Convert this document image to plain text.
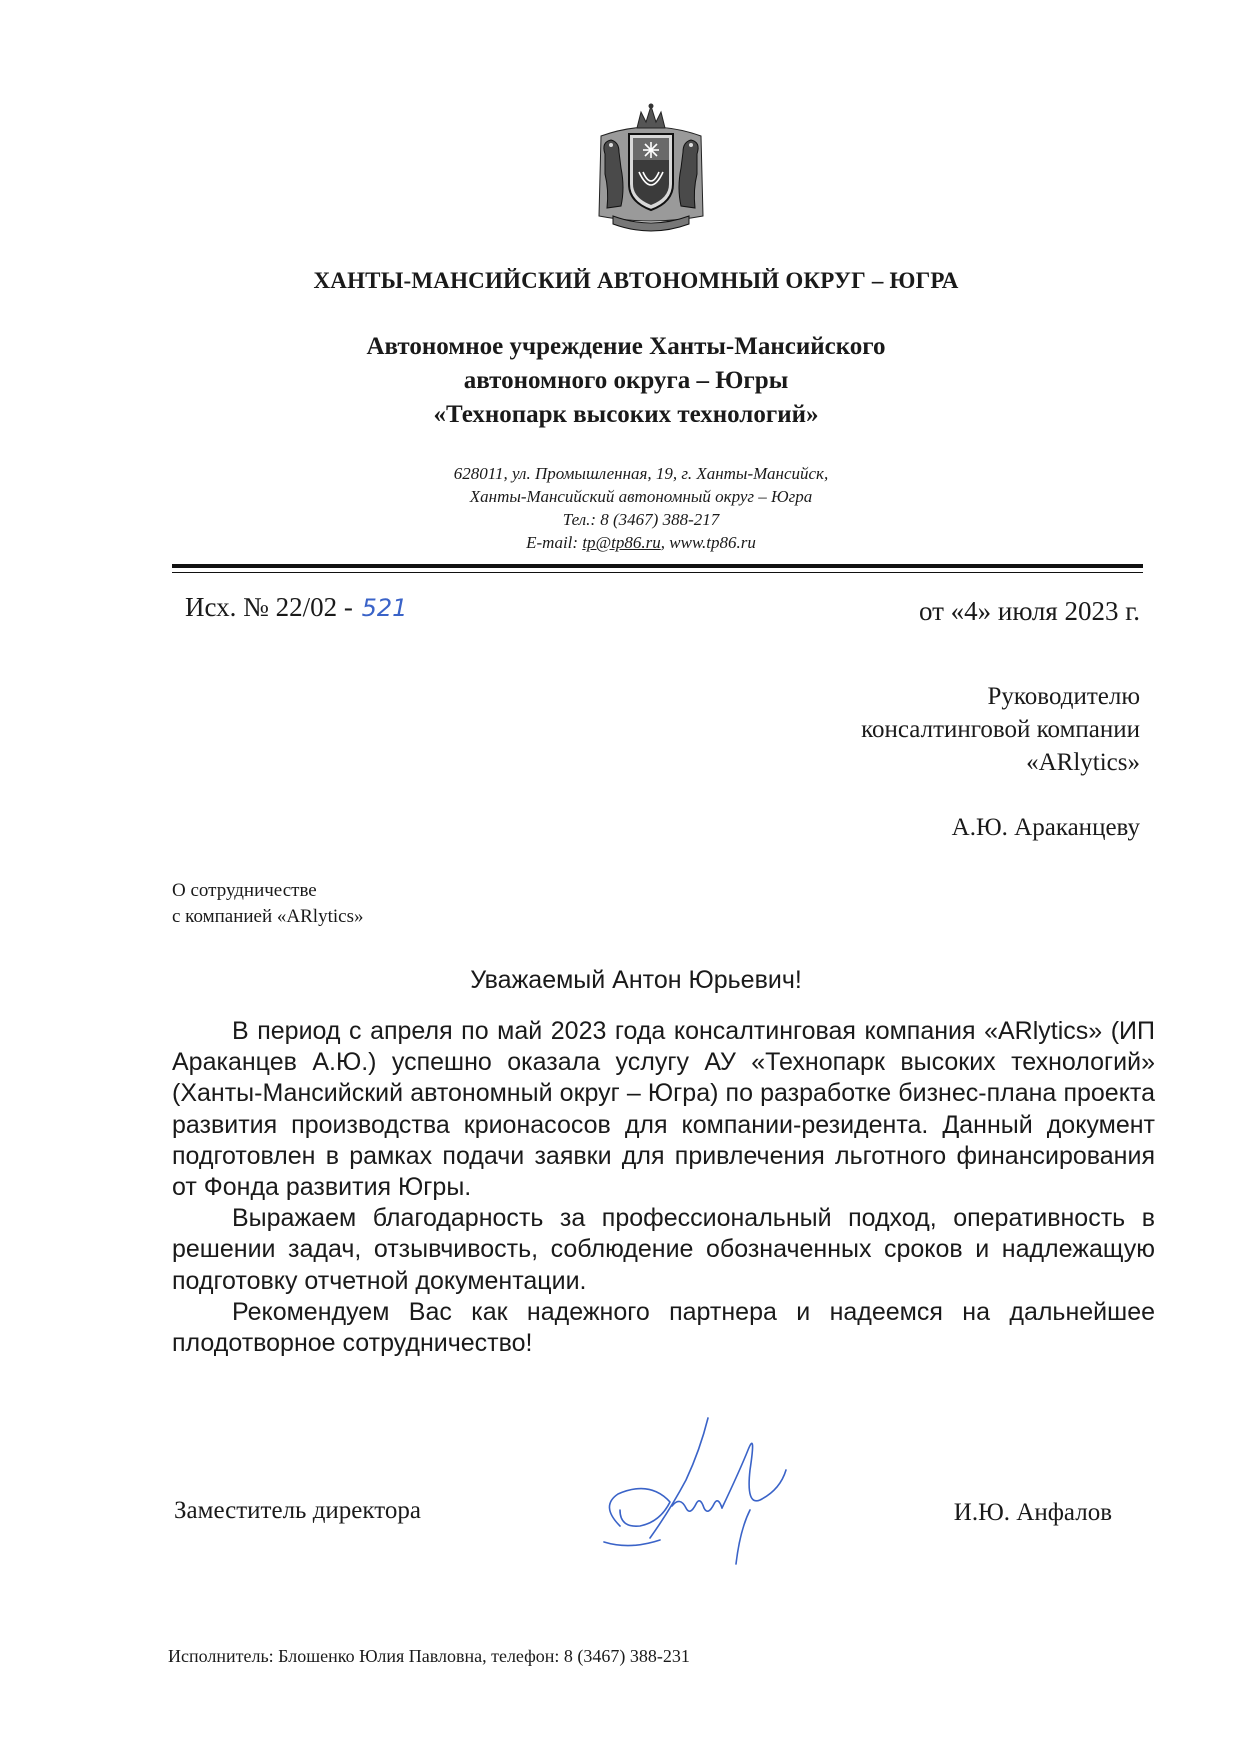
ХАНТЫ-МАНСИЙСКИЙ АВТОНОМНЫЙ ОКРУГ – ЮГРА
Автономное учреждение Ханты-Мансийского
автономного округа – Югры
«Технопарк высоких технологий»
628011, ул. Промышленная, 19, г. Ханты-Мансийск,
Ханты-Мансийский автономный округ – Югра
Тел.: 8 (3467) 388-217
E-mail: tp@tp86.ru, www.tp86.ru
Исх. № 22/02 - 521	от «4» июля 2023 г.
Руководителю
консалтинговой компании
«ARlytics»
А.Ю. Араканцеву
О сотрудничестве
с компанией «ARlytics»
Уважаемый Антон Юрьевич!

В период с апреля по май 2023 года консалтинговая компания «ARlytics» (ИП Араканцев А.Ю.) успешно оказала услугу АУ «Технопарк высоких технологий» (Ханты-Мансийский автономный округ – Югра) по разработке бизнес-плана проекта развития производства крионасосов для компании-резидента. Данный документ подготовлен в рамках подачи заявки для привлечения льготного финансирования от Фонда развития Югры.

Выражаем благодарность за профессиональный подход, оперативность в решении задач, отзывчивость, соблюдение обозначенных сроков и надлежащую подготовку отчетной документации.

Рекомендуем Вас как надежного партнера и надеемся на дальнейшее плодотворное сотрудничество!

Заместитель директора	И.Ю. Анфалов
Исполнитель: Блошенко Юлия Павловна, телефон: 8 (3467) 388-231
